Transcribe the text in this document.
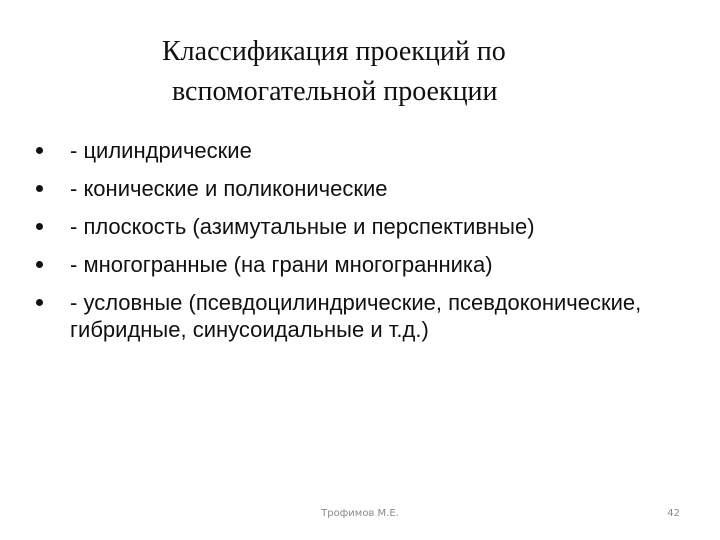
Классификация проекций по
вспомогательной проекции
- цилиндрические
- конические и поликонические
- плоскость (азимутальные и перспективные)
- многогранные (на грани многогранника)
- условные (псевдоцилиндрические, псевдоконические, гибридные, синусоидальные и т.д.)
Трофимов М.Е.	42
